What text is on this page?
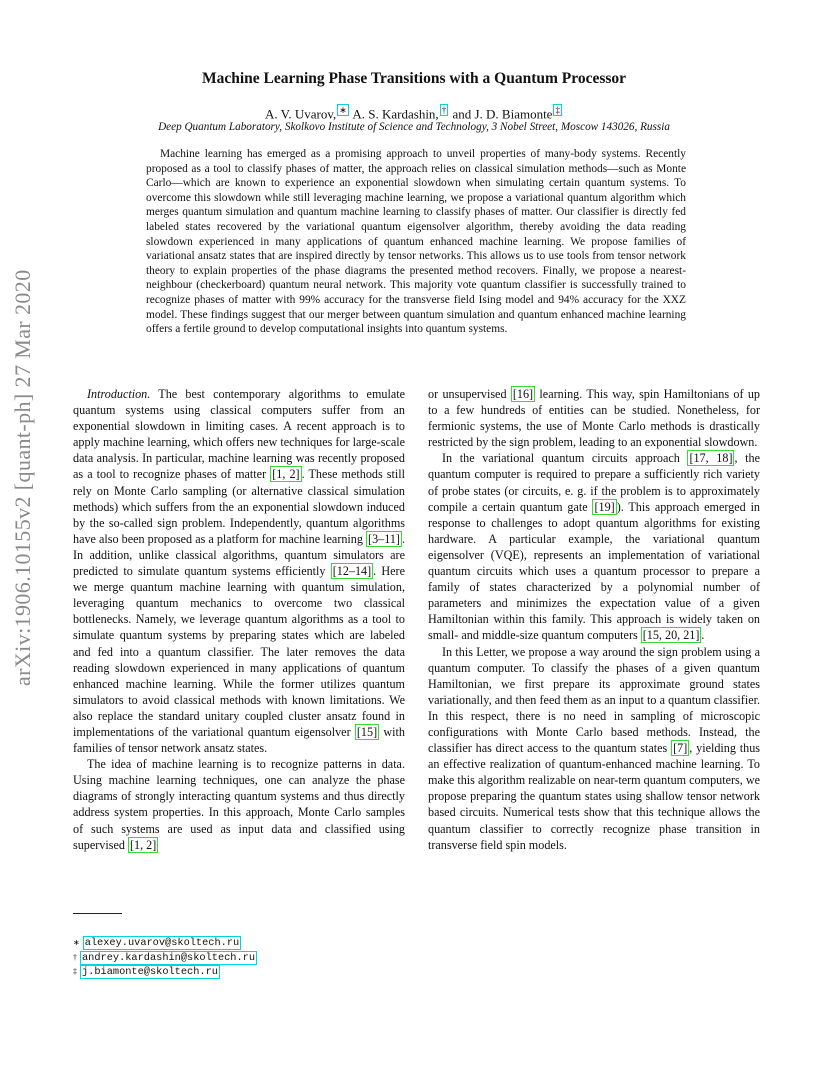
arXiv:1906.10155v2 [quant-ph] 27 Mar 2020
Machine Learning Phase Transitions with a Quantum Processor
A. V. Uvarov, ∗ A. S. Kardashin, † and J. D. Biamonte ‡
Deep Quantum Laboratory, Skolkovo Institute of Science and Technology, 3 Nobel Street, Moscow 143026, Russia

Machine learning has emerged as a promising approach to unveil properties of many-body systems. Recently proposed as a tool to classify phases of matter, the approach relies on classical simulation methods—such as Monte Carlo—which are known to experience an exponential slowdown when simulating certain quantum systems. To overcome this slowdown while still leveraging machine learning, we propose a variational quantum algorithm which merges quantum simulation and quantum machine learning to classify phases of matter. Our classifier is directly fed labeled states recovered by the variational quantum eigensolver algorithm, thereby avoiding the data reading slowdown experienced in many applications of quantum enhanced machine learning. We propose families of variational ansatz states that are inspired directly by tensor networks. This allows us to use tools from tensor network theory to explain properties of the phase diagrams the presented method recovers. Finally, we propose a nearest-neighbour (checkerboard) quantum neural network. This majority vote quantum classifier is successfully trained to recognize phases of matter with 99% accuracy for the transverse field Ising model and 94% accuracy for the XXZ model. These findings suggest that our merger between quantum simulation and quantum enhanced machine learning offers a fertile ground to develop computational insights into quantum systems.

Introduction. The best contemporary algorithms to emulate quantum systems using classical computers suffer from an exponential slowdown in limiting cases. A recent approach is to apply machine learning, which offers new techniques for large-scale data analysis. In particular, machine learning was recently proposed as a tool to recognize phases of matter [1, 2] . These methods still rely on Monte Carlo sampling (or alternative classical simulation methods) which suffers from the an exponential slowdown induced by the so-called sign problem. Independently, quantum algorithms have also been proposed as a platform for machine learning [3–11] . In addition, unlike classical algorithms, quantum simulators are predicted to simulate quantum systems efficiently [12–14] . Here we merge quantum machine learning with quantum simulation, leveraging quantum mechanics to overcome two classical bottlenecks. Namely, we leverage quantum algorithms as a tool to simulate quantum systems by preparing states which are labeled and fed into a quantum classifier. The later removes the data reading slowdown experienced in many applications of quantum enhanced machine learning. While the former utilizes quantum simulators to avoid classical methods with known limitations. We also replace the standard unitary coupled cluster ansatz found in implementations of the variational quantum eigensolver [15] with families of tensor network ansatz states.

The idea of machine learning is to recognize patterns in data. Using machine learning techniques, one can analyze the phase diagrams of strongly interacting quantum systems and thus directly address system properties. In this approach, Monte Carlo samples of such systems are used as input data and classified using supervised [1, 2]

or unsupervised [16] learning. This way, spin Hamiltonians of up to a few hundreds of entities can be studied. Nonetheless, for fermionic systems, the use of Monte Carlo methods is drastically restricted by the sign problem, leading to an exponential slowdown.

In the variational quantum circuits approach [17, 18] , the quantum computer is required to prepare a sufficiently rich variety of probe states (or circuits, e. g. if the problem is to approximately compile a certain quantum gate [19] ). This approach emerged in response to challenges to adopt quantum algorithms for existing hardware. A particular example, the variational quantum eigensolver (VQE), represents an implementation of variational quantum circuits which uses a quantum processor to prepare a family of states characterized by a polynomial number of parameters and minimizes the expectation value of a given Hamiltonian within this family. This approach is widely taken on small- and middle-size quantum computers [15, 20, 21] .

In this Letter, we propose a way around the sign problem using a quantum computer. To classify the phases of a given quantum Hamiltonian, we first prepare its approximate ground states variationally, and then feed them as an input to a quantum classifier. In this respect, there is no need in sampling of microscopic configurations with Monte Carlo based methods. Instead, the classifier has direct access to the quantum states [7] , yielding thus an effective realization of quantum-enhanced machine learning. To make this algorithm realizable on near-term quantum computers, we propose preparing the quantum states using shallow tensor network based circuits. Numerical tests show that this technique allows the quantum classifier to correctly recognize phase transition in transverse field spin models.

∗ alexey.uvarov@skoltech.ru
† andrey.kardashin@skoltech.ru
‡ j.biamonte@skoltech.ru
